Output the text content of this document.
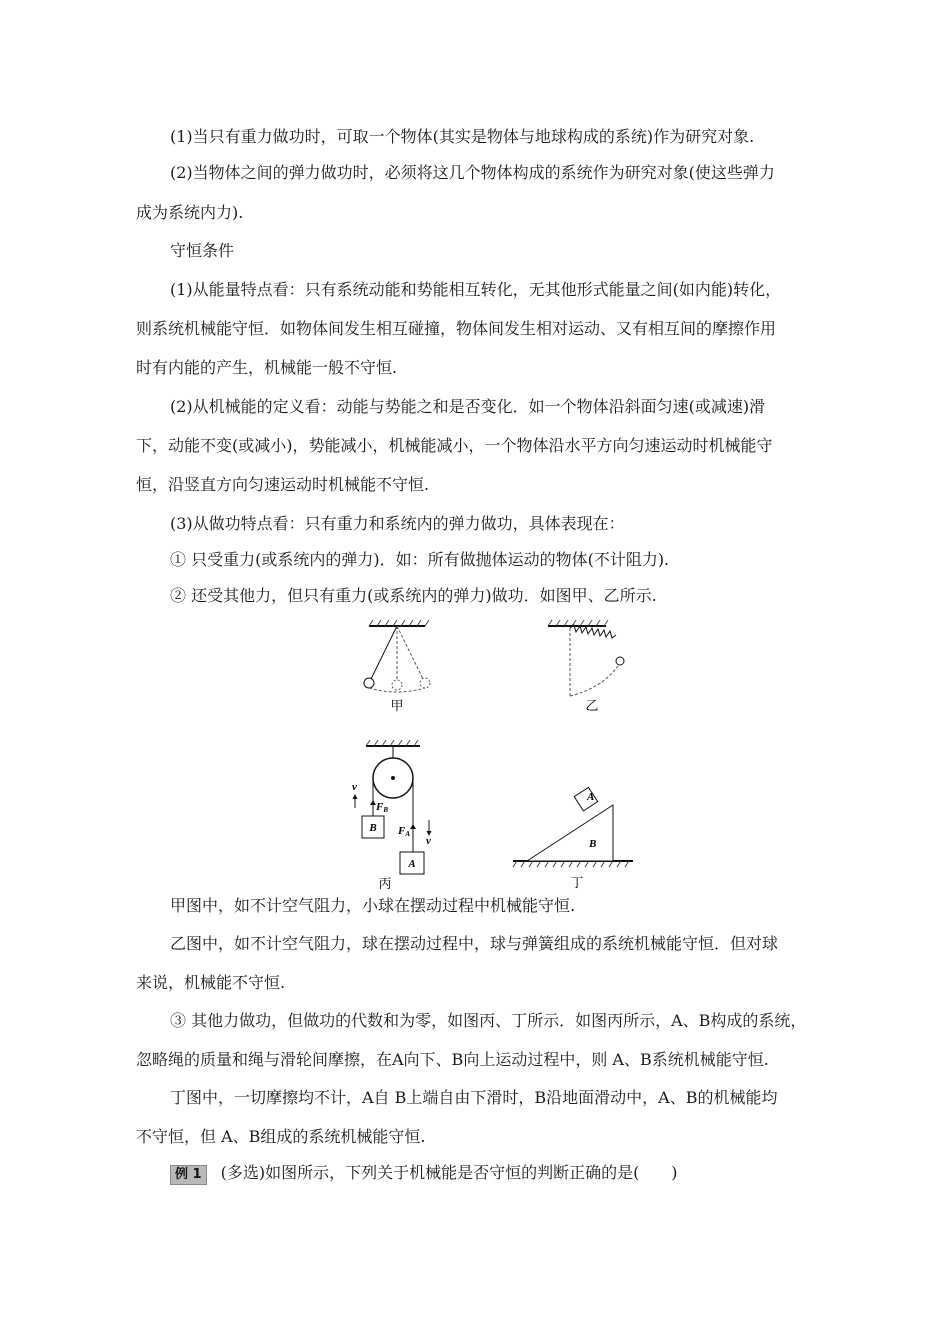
(1)当只有重力做功时，可取一个物体(其实是物体与地球构成的系统)作为研究对象.
(2)当物体之间的弹力做功时，必须将这几个物体构成的系统作为研究对象(使这些弹力
成为系统内力).
守恒条件
(1)从能量特点看：只有系统动能和势能相互转化，无其他形式能量之间(如内能)转化，
则系统机械能守恒．如物体间发生相互碰撞，物体间发生相对运动、又有相互间的摩擦作用
时有内能的产生，机械能一般不守恒.
(2)从机械能的定义看：动能与势能之和是否变化．如一个物体沿斜面匀速(或减速)滑
下，动能不变(或减小)，势能减小，机械能减小，一个物体沿水平方向匀速运动时机械能守
恒，沿竖直方向匀速运动时机械能不守恒.
(3)从做功特点看：只有重力和系统内的弹力做功，具体表现在：
① 只受重力(或系统内的弹力)．如：所有做抛体运动的物体(不计阻力).
② 还受其他力，但只有重力(或系统内的弹力)做功．如图甲、乙所示.
甲	乙
B
A
FB
FA
v
v
丙
A
B
丁
甲图中，如不计空气阻力，小球在摆动过程中机械能守恒.
乙图中，如不计空气阻力，球在摆动过程中，球与弹簧组成的系统机械能守恒．但对球
来说，机械能不守恒.
③ 其他力做功，但做功的代数和为零，如图丙、丁所示．如图丙所示，A、B构成的系统，
忽略绳的质量和绳与滑轮间摩擦，在A向下、B向上运动过程中，则 A、B系统机械能守恒.
丁图中，一切摩擦均不计，A自 B上端自由下滑时，B沿地面滑动中，A、B的机械能均
不守恒，但 A、B组成的系统机械能守恒.
例 1 (多选)如图所示，下列关于机械能是否守恒的判断正确的是(　　)
